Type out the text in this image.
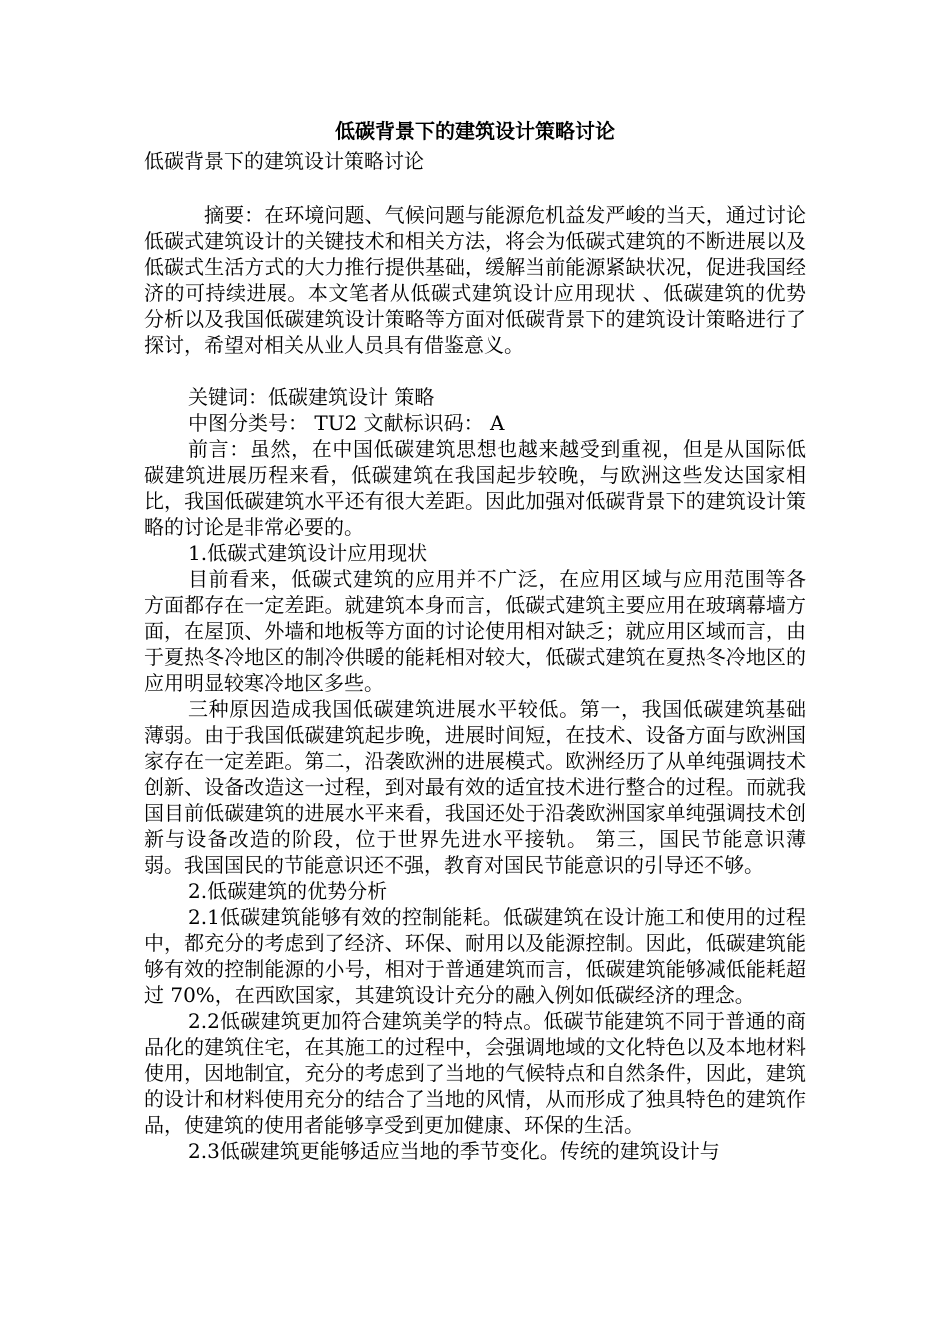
低碳背景下的建筑设计策略讨论
低碳背景下的建筑设计策略讨论

摘要：在环境问题、气候问题与能源危机益发严峻的当天，通过讨论低碳式建筑设计的关键技术和相关方法，将会为低碳式建筑的不断进展以及低碳式生活方式的大力推行提供基础，缓解当前能源紧缺状况，促进我国经济的可持续进展。本文笔者从低碳式建筑设计应用现状 、低碳建筑的优势分析以及我国低碳建筑设计策略等方面对低碳背景下的建筑设计策略进行了探讨，希望对相关从业人员具有借鉴意义。

关键词：低碳建筑设计 策略

中图分类号： TU2 文献标识码： A

前言：虽然，在中国低碳建筑思想也越来越受到重视，但是从国际低碳建筑进展历程来看，低碳建筑在我国起步较晚，与欧洲这些发达国家相比，我国低碳建筑水平还有很大差距。因此加强对低碳背景下的建筑设计策略的讨论是非常必要的。

1.低碳式建筑设计应用现状

目前看来，低碳式建筑的应用并不广泛，在应用区域与应用范围等各方面都存在一定差距。就建筑本身而言，低碳式建筑主要应用在玻璃幕墙方面，在屋顶、外墙和地板等方面的讨论使用相对缺乏；就应用区域而言，由于夏热冬冷地区的制冷供暖的能耗相对较大，低碳式建筑在夏热冬冷地区的应用明显较寒冷地区多些。

三种原因造成我国低碳建筑进展水平较低。第一，我国低碳建筑基础薄弱。由于我国低碳建筑起步晚，进展时间短，在技术、设备方面与欧洲国家存在一定差距。第二，沿袭欧洲的进展模式。欧洲经历了从单纯强调技术创新、设备改造这一过程，到对最有效的适宜技术进行整合的过程。而就我国目前低碳建筑的进展水平来看，我国还处于沿袭欧洲国家单纯强调技术创新与设备改造的阶段，位于世界先进水平接轨。 第三，国民节能意识薄弱。我国国民的节能意识还不强，教育对国民节能意识的引导还不够。

2.低碳建筑的优势分析

2.1低碳建筑能够有效的控制能耗。低碳建筑在设计施工和使用的过程中，都充分的考虑到了经济、环保、耐用以及能源控制。因此，低碳建筑能够有效的控制能源的小号，相对于普通建筑而言，低碳建筑能够减低能耗超过 70%，在西欧国家，其建筑设计充分的融入例如低碳经济的理念。

2.2低碳建筑更加符合建筑美学的特点。低碳节能建筑不同于普通的商品化的建筑住宅，在其施工的过程中，会强调地域的文化特色以及本地材料使用，因地制宜，充分的考虑到了当地的气候特点和自然条件，因此，建筑的设计和材料使用充分的结合了当地的风情，从而形成了独具特色的建筑作品，使建筑的使用者能够享受到更加健康、环保的生活。

2.3低碳建筑更能够适应当地的季节变化。传统的建筑设计与
